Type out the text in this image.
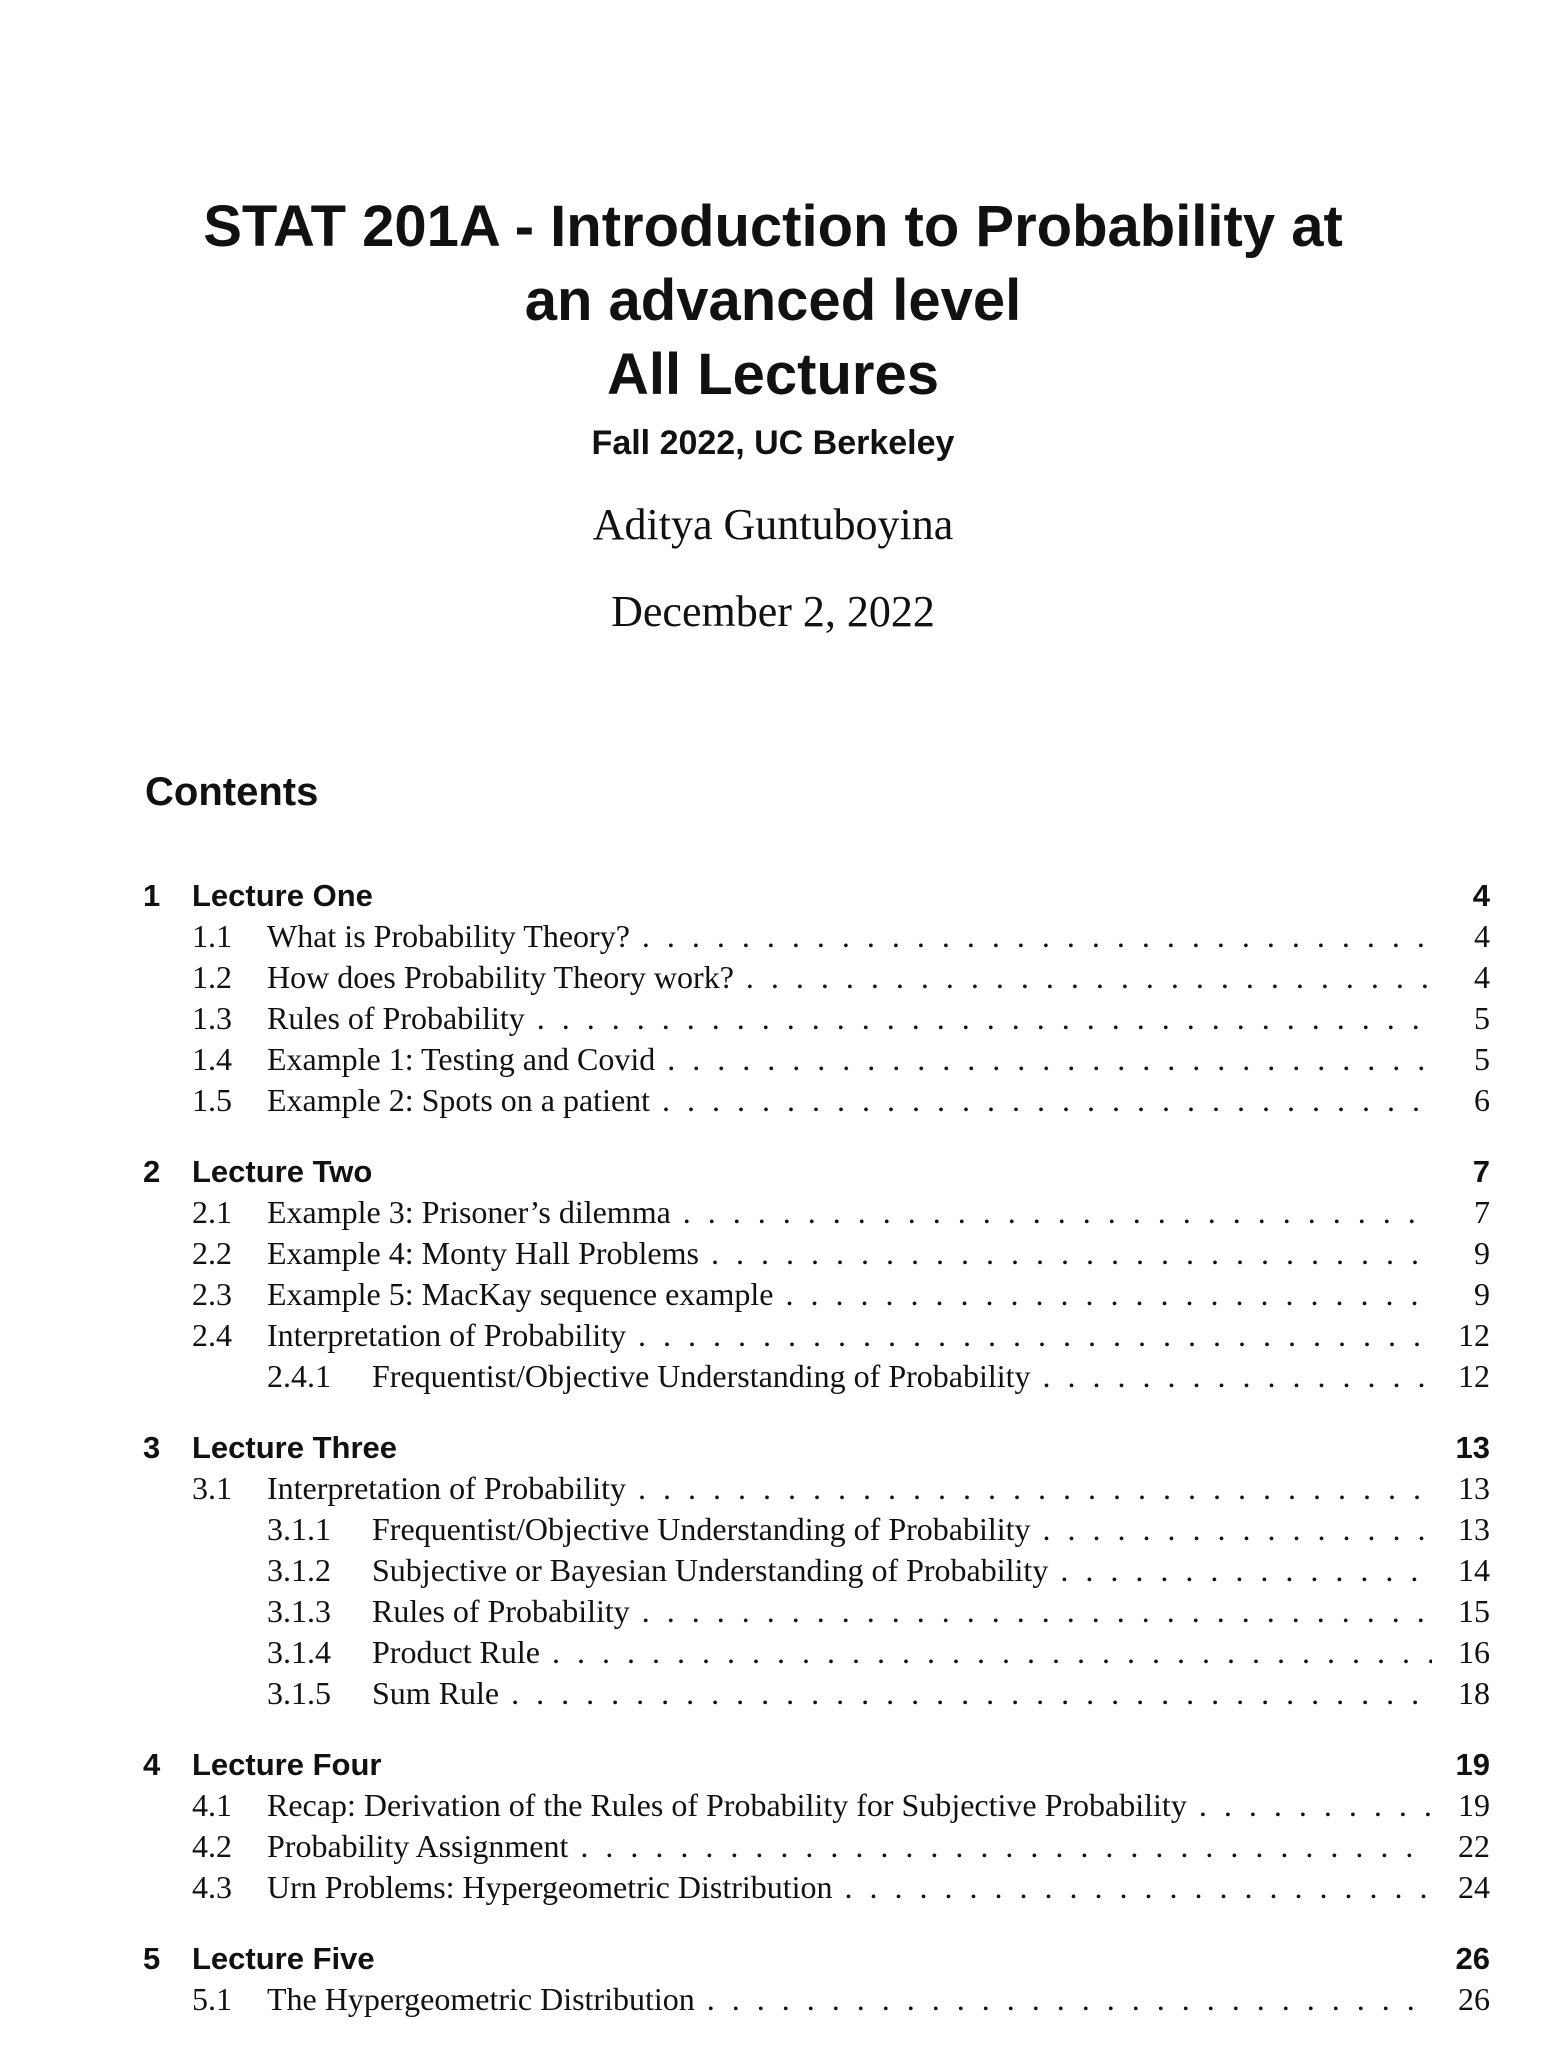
STAT 201A - Introduction to Probability at
an advanced level
All Lectures
Fall 2022, UC Berkeley
Aditya Guntuboyina
December 2, 2022
Contents
1	Lecture One	4
1.1	What is Probability Theory? . . .	4
1.2	How does Probability Theory work? . . .	4
1.3	Rules of Probability . . .	5
1.4	Example 1: Testing and Covid . . .	5
1.5	Example 2: Spots on a patient . . .	6
2	Lecture Two	7
2.1	Example 3: Prisoner’s dilemma . . .	7
2.2	Example 4: Monty Hall Problems . . .	9
2.3	Example 5: MacKay sequence example . . .	9
2.4	Interpretation of Probability . . .	12
2.4.1	Frequentist/Objective Understanding of Probability . . .	12
3	Lecture Three	13
3.1	Interpretation of Probability . . .	13
3.1.1	Frequentist/Objective Understanding of Probability . . .	13
3.1.2	Subjective or Bayesian Understanding of Probability . . .	14
3.1.3	Rules of Probability . . .	15
3.1.4	Product Rule . . .	16
3.1.5	Sum Rule . . .	18
4	Lecture Four	19
4.1	Recap: Derivation of the Rules of Probability for Subjective Probability . . .	19
4.2	Probability Assignment . . .	22
4.3	Urn Problems: Hypergeometric Distribution . . .	24
5	Lecture Five	26
5.1	The Hypergeometric Distribution . . .	26
